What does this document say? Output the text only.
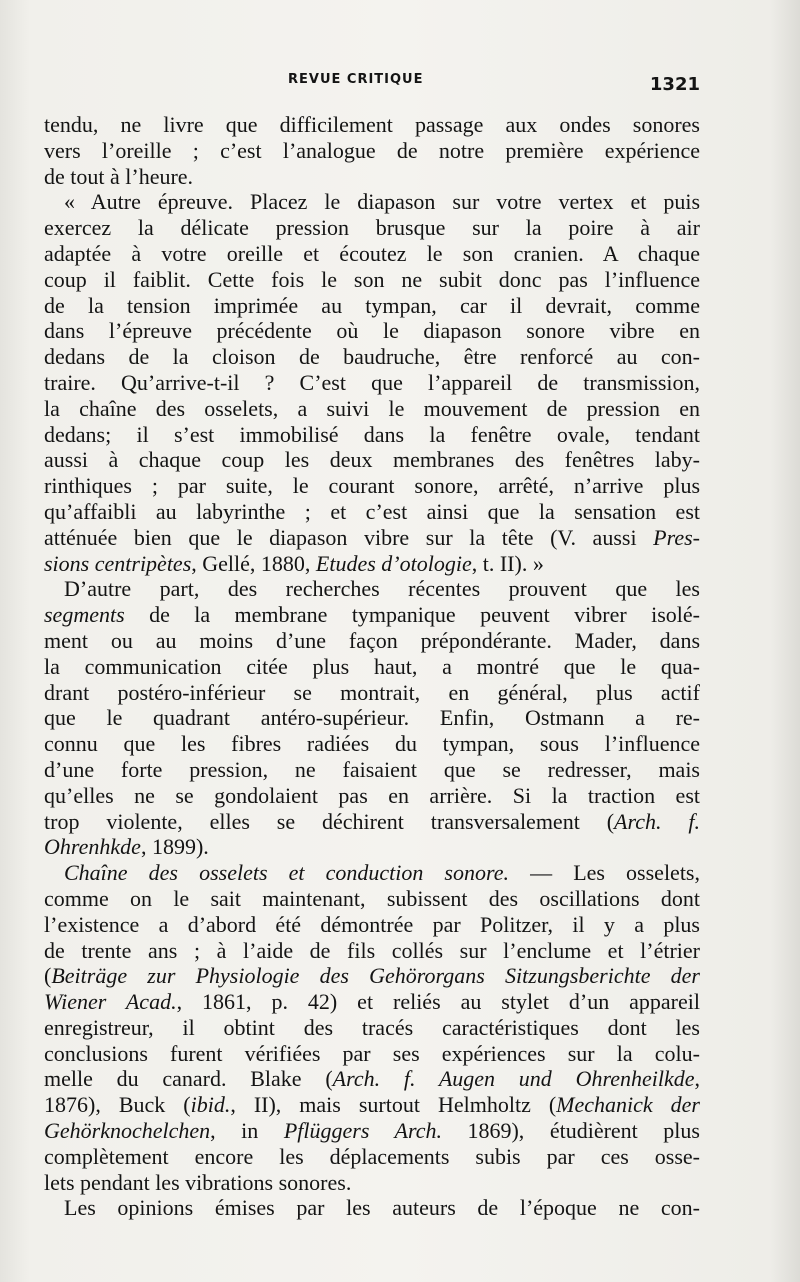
REVUE CRITIQUE	1321
tendu, ne livre que difficilement passage aux ondes sonores
vers l’oreille ; c’est l’analogue de notre première expérience
de tout à l’heure.
« Autre épreuve. Placez le diapason sur votre vertex et puis
exercez la délicate pression brusque sur la poire à air
adaptée à votre oreille et écoutez le son cranien. A chaque
coup il faiblit. Cette fois le son ne subit donc pas l’influence
de la tension imprimée au tympan, car il devrait, comme
dans l’épreuve précédente où le diapason sonore vibre en
dedans de la cloison de baudruche, être renforcé au con-
traire. Qu’arrive-t-il ? C’est que l’appareil de transmission,
la chaîne des osselets, a suivi le mouvement de pression en
dedans; il s’est immobilisé dans la fenêtre ovale, tendant
aussi à chaque coup les deux membranes des fenêtres laby-
rinthiques ; par suite, le courant sonore, arrêté, n’arrive plus
qu’affaibli au labyrinthe ; et c’est ainsi que la sensation est
atténuée bien que le diapason vibre sur la tête (V. aussi Pres-
sions centripètes, Gellé, 1880, Etudes d’otologie, t. II). »
D’autre part, des recherches récentes prouvent que les
segments de la membrane tympanique peuvent vibrer isolé-
ment ou au moins d’une façon prépondérante. Mader, dans
la communication citée plus haut, a montré que le qua-
drant postéro-inférieur se montrait, en général, plus actif
que le quadrant antéro-supérieur. Enfin, Ostmann a re-
connu que les fibres radiées du tympan, sous l’influence
d’une forte pression, ne faisaient que se redresser, mais
qu’elles ne se gondolaient pas en arrière. Si la traction est
trop violente, elles se déchirent transversalement (Arch. f.
Ohrenhkde, 1899).
Chaîne des osselets et conduction sonore. — Les osselets,
comme on le sait maintenant, subissent des oscillations dont
l’existence a d’abord été démontrée par Politzer, il y a plus
de trente ans ; à l’aide de fils collés sur l’enclume et l’étrier
(Beiträge zur Physiologie des Gehörorgans Sitzungsberichte der
Wiener Acad., 1861, p. 42) et reliés au stylet d’un appareil
enregistreur, il obtint des tracés caractéristiques dont les
conclusions furent vérifiées par ses expériences sur la colu-
melle du canard. Blake (Arch. f. Augen und Ohrenheilkde,
1876), Buck (ibid., II), mais surtout Helmholtz (Mechanick der
Gehörknochelchen, in Pflüggers Arch. 1869), étudièrent plus
complètement encore les déplacements subis par ces osse-
lets pendant les vibrations sonores.
Les opinions émises par les auteurs de l’époque ne con-
